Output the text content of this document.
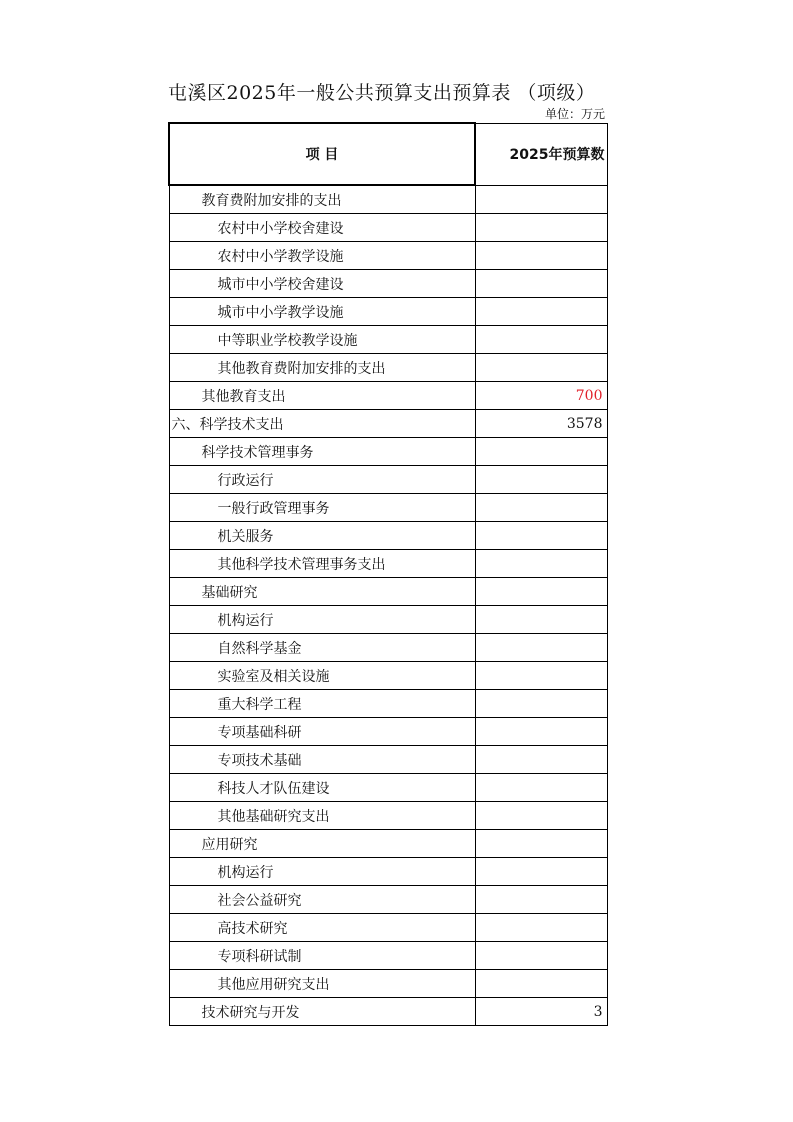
屯溪区2025年一般公共预算支出预算表 （项级）
单位：万元
项 目	2025年预算数
教育费附加安排的支出	
农村中小学校舍建设	
农村中小学教学设施	
城市中小学校舍建设	
城市中小学教学设施	
中等职业学校教学设施	
其他教育费附加安排的支出	
其他教育支出	700
六、科学技术支出	3578
科学技术管理事务	
行政运行	
一般行政管理事务	
机关服务	
其他科学技术管理事务支出	
基础研究	
机构运行	
自然科学基金	
实验室及相关设施	
重大科学工程	
专项基础科研	
专项技术基础	
科技人才队伍建设	
其他基础研究支出	
应用研究	
机构运行	
社会公益研究	
高技术研究	
专项科研试制	
其他应用研究支出	
技术研究与开发	3
